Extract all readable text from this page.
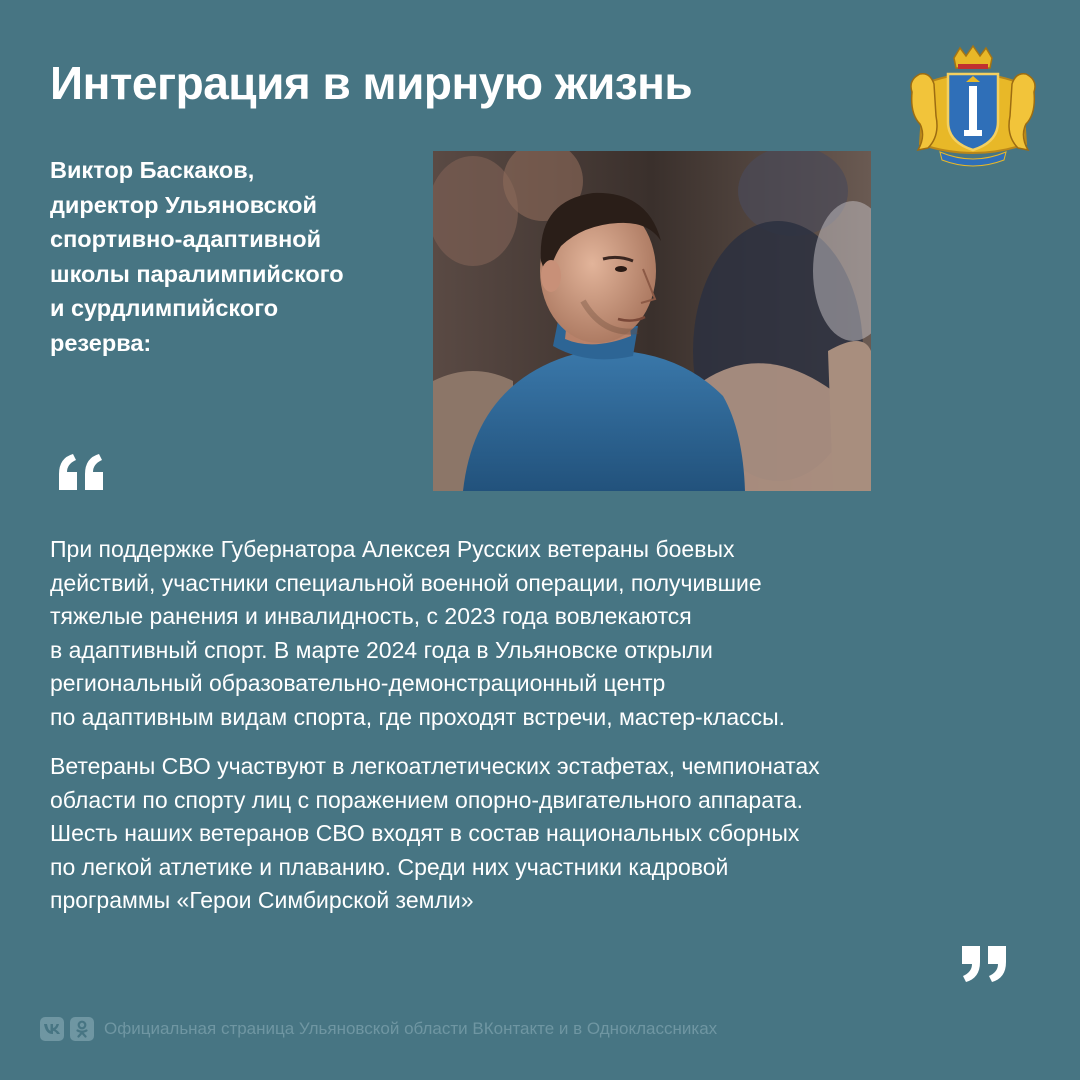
Интеграция в мирную жизнь
Виктор Баскаков,
директор Ульяновской
спортивно-адаптивной
школы паралимпийского
и сурдлимпийского
резерва:

При поддержке Губернатора Алексея Русских ветераны боевых
действий, участники специальной военной операции, получившие
тяжелые ранения и инвалидность, с 2023 года вовлекаются
в адаптивный спорт. В марте 2024 года в Ульяновске открыли
региональный образовательно-демонстрационный центр
по адаптивным видам спорта, где проходят встречи, мастер-классы.

Ветераны СВО участвуют в легкоатлетических эстафетах, чемпионатах
области по спорту лиц с поражением опорно-двигательного аппарата.
Шесть наших ветеранов СВО входят в состав национальных сборных
по легкой атлетике и плаванию. Среди них участники кадровой
программы «Герои Симбирской земли»

Официальная страница Ульяновской области ВКонтакте и в Одноклассниках
